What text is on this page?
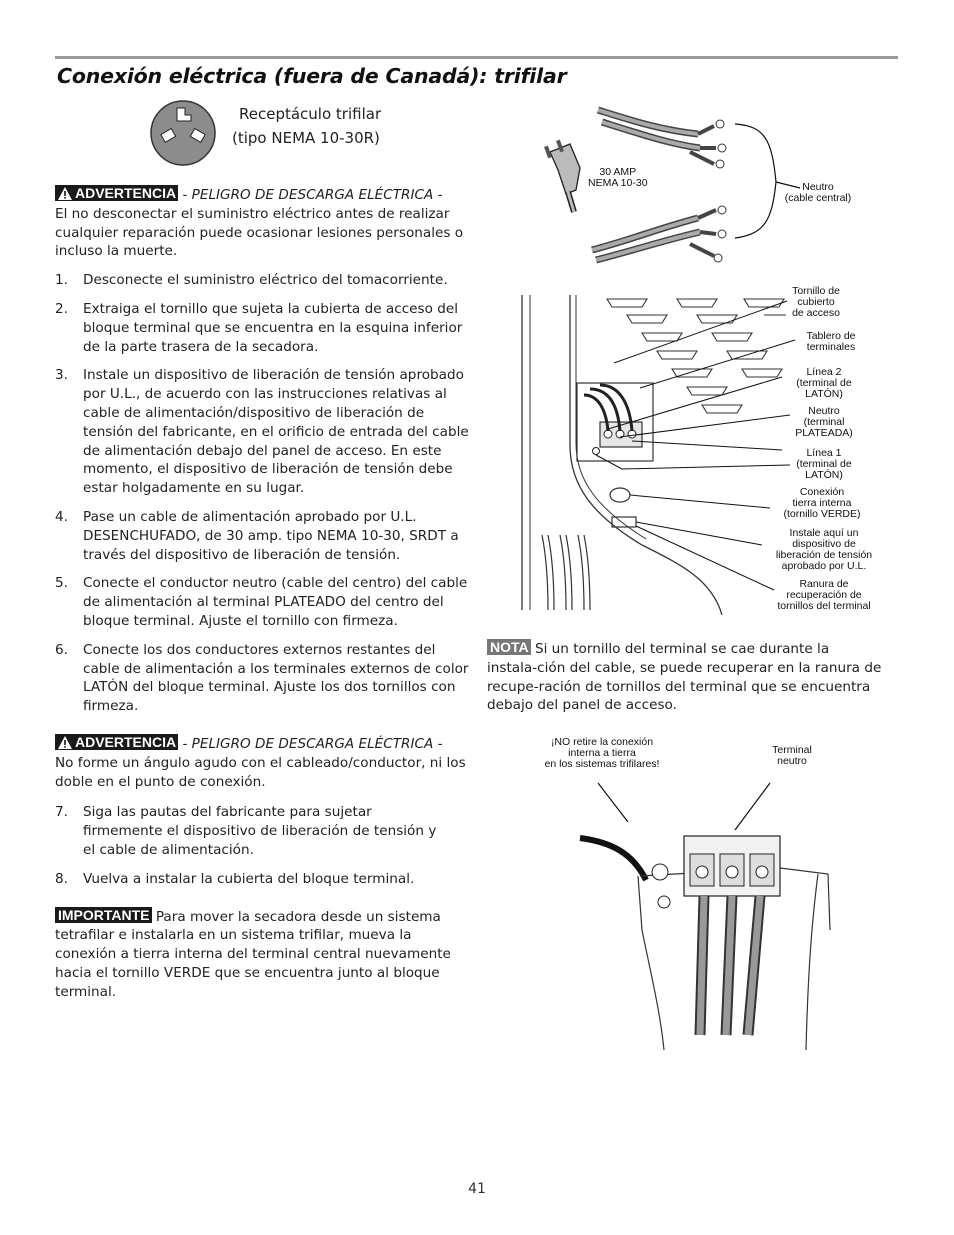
Conexión eléctrica (fuera de Canadá): trifilar
Receptáculo trifilar
(tipo NEMA 10-30R)
ADVERTENCIA - PELIGRO DE DESCARGA ELÉCTRICA -
El no desconectar el suministro eléctrico antes de realizar cualquier reparación puede ocasionar lesiones personales o incluso la muerte.
1. Desconecte el suministro eléctrico del tomacorriente.
2. Extraiga el tornillo que sujeta la cubierta de acceso del bloque terminal que se encuentra en la esquina inferior de la parte trasera de la secadora.
3. Instale un dispositivo de liberación de tensión aprobado por U.L., de acuerdo con las instrucciones relativas al cable de alimentación/dispositivo de liberación de tensión del fabricante, en el orificio de entrada del cable de alimentación debajo del panel de acceso. En este momento, el dispositivo de liberación de tensión debe estar holgadamente en su lugar.
4. Pase un cable de alimentación aprobado por U.L. DESENCHUFADO, de 30 amp. tipo NEMA 10-30, SRDT a través del dispositivo de liberación de tensión.
5. Conecte el conductor neutro (cable del centro) del cable de alimentación al terminal PLATEADO del centro del bloque terminal. Ajuste el tornillo con firmeza.
6. Conecte los dos conductores externos restantes del cable de alimentación a los terminales externos de color LATÓN del bloque terminal. Ajuste los dos tornillos con firmeza.
ADVERTENCIA - PELIGRO DE DESCARGA ELÉCTRICA -
No forme un ángulo agudo con el cableado/conductor, ni los doble en el punto de conexión.
7. Siga las pautas del fabricante para sujetar firmemente el dispositivo de liberación de tensión y el cable de alimentación.
8. Vuelva a instalar la cubierta del bloque terminal.
IMPORTANTE Para mover la secadora desde un sistema tetrafilar e instalarla en un sistema trifilar, mueva la conexión a tierra interna del terminal central nuevamente hacia el tornillo VERDE que se encuentra junto al bloque terminal.
30 AMP
NEMA 10-30	Neutro
(cable central)
Tornillo de
cubierto
de acceso
Tablero de
terminales
Línea 2
(terminal de
LATÓN)
Neutro
(terminal
PLATEADA)
Línea 1
(terminal de
LATÓN)
Conexión
tierra interna
(tornillo VERDE)
Instale aquí un
dispositivo de
liberación de tensión
aprobado por U.L.
Ranura de
recuperación de
tornillos del terminal
NOTA Si un tornillo del terminal se cae durante la instala-ción del cable, se puede recuperar en la ranura de recupe-ración de tornillos del terminal que se encuentra debajo del panel de acceso.
¡NO retire la conexión
interna a tierra
en los sistemas trifilares!
Terminal
neutro
41
